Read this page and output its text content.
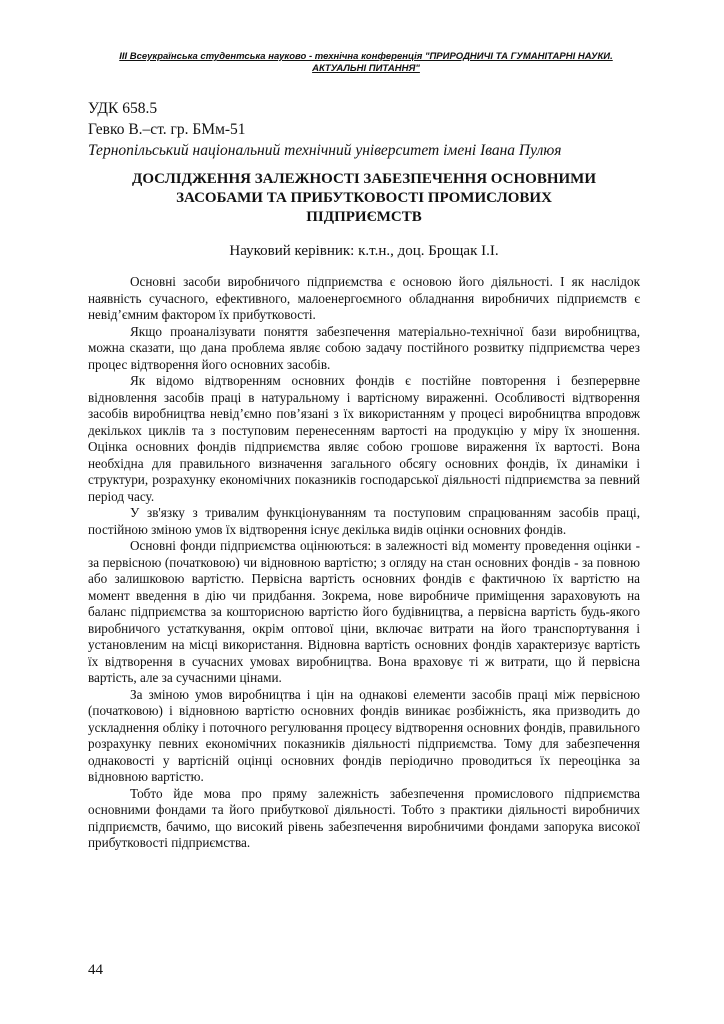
ІІІ Всеукраїнська студентська науково - технічна конференція "ПРИРОДНИЧІ ТА ГУМАНІТАРНІ НАУКИ.
АКТУАЛЬНІ ПИТАННЯ"
УДК 658.5
Гевко В.–ст. гр. БМм-51
Тернопільський національний технічний університет імені Івана Пулюя
ДОСЛІДЖЕННЯ ЗАЛЕЖНОСТІ ЗАБЕЗПЕЧЕННЯ ОСНОВНИМИ
ЗАСОБАМИ ТА ПРИБУТКОВОСТІ ПРОМИСЛОВИХ
ПІДПРИЄМСТВ
Науковий керівник: к.т.н., доц. Брощак І.І.

Основні засоби виробничого підприємства є основою його діяльності. І як наслідок наявність сучасного, ефективного, малоенергоємного обладнання виробничих підприємств є невід’ємним фактором їх прибутковості.

Якщо проаналізувати поняття забезпечення матеріально-технічної бази виробництва, можна сказати, що дана проблема являє собою задачу постійного розвитку підприємства через процес відтворення його основних засобів.

Як відомо відтворенням основних фондів є постійне повторення і безперервне відновлення засобів праці в натуральному і вартісному вираженні. Особливості відтворення засобів виробництва невід’ємно пов’язані з їх використанням у процесі виробництва впродовж декількох циклів та з поступовим перенесенням вартості на продукцію у міру їх зношення. Оцінка основних фондів підприємства являє собою грошове вираження їх вартості. Вона необхідна для правильного визначення загального обсягу основних фондів, їх динаміки і структури, розрахунку економічних показників господарської діяльності підприємства за певний період часу.

У зв'язку з тривалим функціонуванням та поступовим спрацюванням засобів праці, постійною зміною умов їх відтворення існує декілька видів оцінки основних фондів.

Основні фонди підприємства оцінюються: в залежності від моменту проведення оцінки - за первісною (початковою) чи відновною вартістю; з огляду на стан основних фондів - за повною або залишковою вартістю. Первісна вартість основних фондів є фактичною їх вартістю на момент введення в дію чи придбання. Зокрема, нове виробниче приміщення зараховують на баланс підприємства за кошторисною вартістю його будівництва, а первісна вартість будь-якого виробничого устаткування, окрім оптової ціни, включає витрати на його транспортування і установленим на місці використання. Відновна вартість основних фондів характеризує вартість їх відтворення в сучасних умовах виробництва. Вона враховує ті ж витрати, що й первісна вартість, але за сучасними цінами.

За зміною умов виробництва і цін на однакові елементи засобів праці між первісною (початковою) і відновною вартістю основних фондів виникає розбіжність, яка призводить до ускладнення обліку і поточного регулювання процесу відтворення основних фондів, правильного розрахунку певних економічних показників діяльності підприємства. Тому для забезпечення однаковості у вартісній оцінці основних фондів періодично проводиться їх переоцінка за відновною вартістю.

Тобто йде мова про пряму залежність забезпечення промислового підприємства основними фондами та його прибуткової діяльності. Тобто з практики діяльності виробничих підприємств, бачимо, що високий рівень забезпечення виробничими фондами запорука високої прибутковості підприємства.

44
